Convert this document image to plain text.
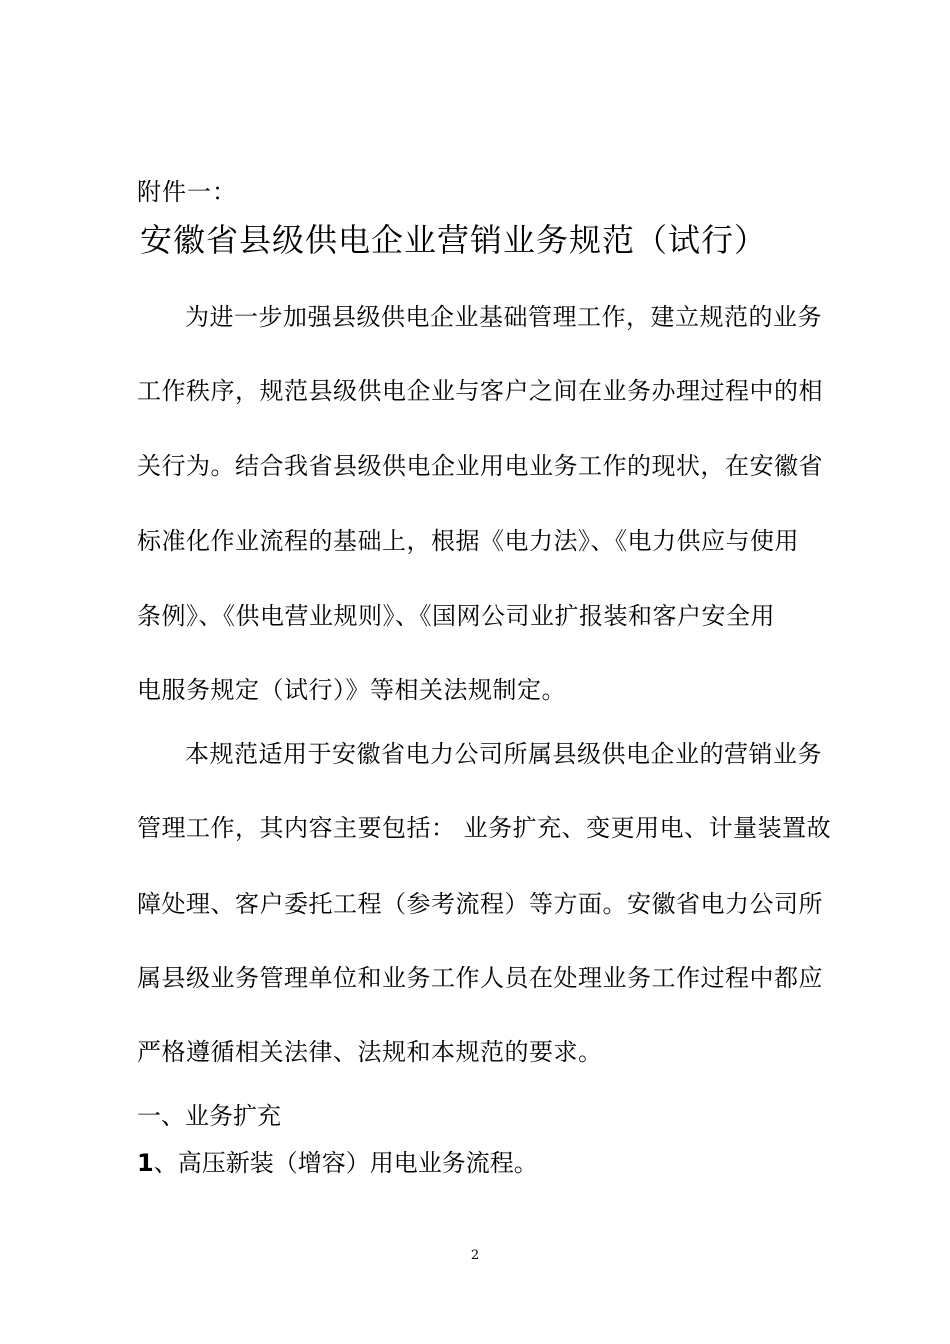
附件一：
安徽省县级供电企业营销业务规范（试行）
为进一步加强县级供电企业基础管理工作，建立规范的业务
工作秩序，规范县级供电企业与客户之间在业务办理过程中的相
关行为。结合我省县级供电企业用电业务工作的现状，在安徽省
标准化作业流程的基础上，根据《电力法》、《电力供应与使用
条例》、《供电营业规则》、《国网公司业扩报装和客户安全用
电服务规定（试行）》等相关法规制定。
本规范适用于安徽省电力公司所属县级供电企业的营销业务
管理工作，其内容主要包括： 业务扩充、变更用电、计量装置故
障处理、客户委托工程（参考流程）等方面。安徽省电力公司所
属县级业务管理单位和业务工作人员在处理业务工作过程中都应
严格遵循相关法律、法规和本规范的要求。
一、业务扩充
1、高压新装（增容）用电业务流程。
2
